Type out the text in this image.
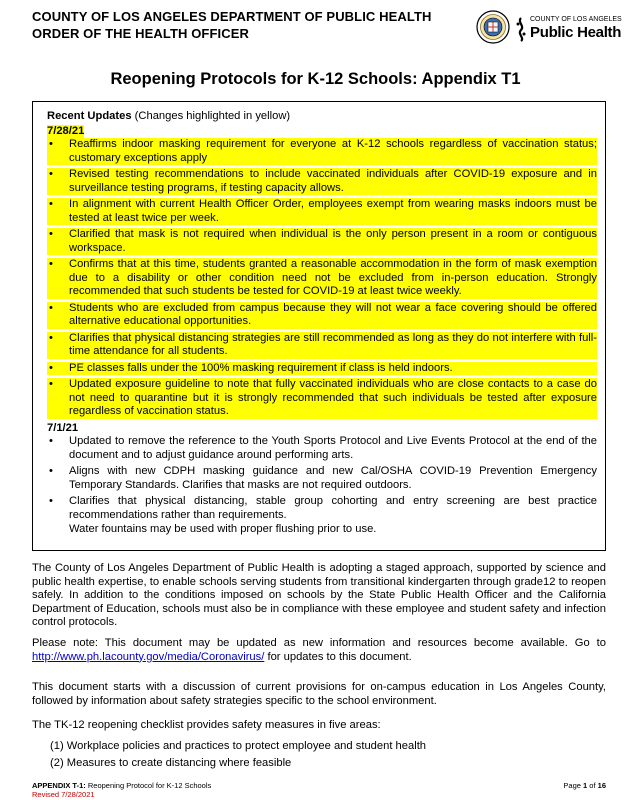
COUNTY OF LOS ANGELES DEPARTMENT OF PUBLIC HEALTH
ORDER OF THE HEALTH OFFICER
COUNTY OF LOS ANGELES
Public Health
Reopening Protocols for K-12 Schools: Appendix T1
Recent Updates (Changes highlighted in yellow)
7/28/21
• Reaffirms indoor masking requirement for everyone at K-12 schools regardless of vaccination status; customary exceptions apply
• Revised testing recommendations to include vaccinated individuals after COVID-19 exposure and in surveillance testing programs, if testing capacity allows.
• In alignment with current Health Officer Order, employees exempt from wearing masks indoors must be tested at least twice per week.
• Clarified that mask is not required when individual is the only person present in a room or contiguous workspace.
• Confirms that at this time, students granted a reasonable accommodation in the form of mask exemption due to a disability or other condition need not be excluded from in-person education. Strongly recommended that such students be tested for COVID-19 at least twice weekly.
• Students who are excluded from campus because they will not wear a face covering should be offered alternative educational opportunities.
• Clarifies that physical distancing strategies are still recommended as long as they do not interfere with full-time attendance for all students.
• PE classes falls under the 100% masking requirement if class is held indoors.
• Updated exposure guideline to note that fully vaccinated individuals who are close contacts to a case do not need to quarantine but it is strongly recommended that such individuals be tested after exposure regardless of vaccination status.
7/1/21
• Updated to remove the reference to the Youth Sports Protocol and Live Events Protocol at the end of the document and to adjust guidance around performing arts.
• Aligns with new CDPH masking guidance and new Cal/OSHA COVID-19 Prevention Emergency Temporary Standards. Clarifies that masks are not required outdoors.
• Clarifies that physical distancing, stable group cohorting and entry screening are best practice recommendations rather than requirements.
Water fountains may be used with proper flushing prior to use.
The County of Los Angeles Department of Public Health is adopting a staged approach, supported by science and public health expertise, to enable schools serving students from transitional kindergarten through grade12 to reopen safely. In addition to the conditions imposed on schools by the State Public Health Officer and the California Department of Education, schools must also be in compliance with these employee and student safety and infection control protocols.
Please note: This document may be updated as new information and resources become available. Go to http://www.ph.lacounty.gov/media/Coronavirus/ for updates to this document.
This document starts with a discussion of current provisions for on-campus education in Los Angeles County, followed by information about safety strategies specific to the school environment.
The TK-12 reopening checklist provides safety measures in five areas:
(1) Workplace policies and practices to protect employee and student health
(2) Measures to create distancing where feasible
APPENDIX T-1: Reopening Protocol for K-12 Schools
Revised 7/28/2021
Page 1 of 16
